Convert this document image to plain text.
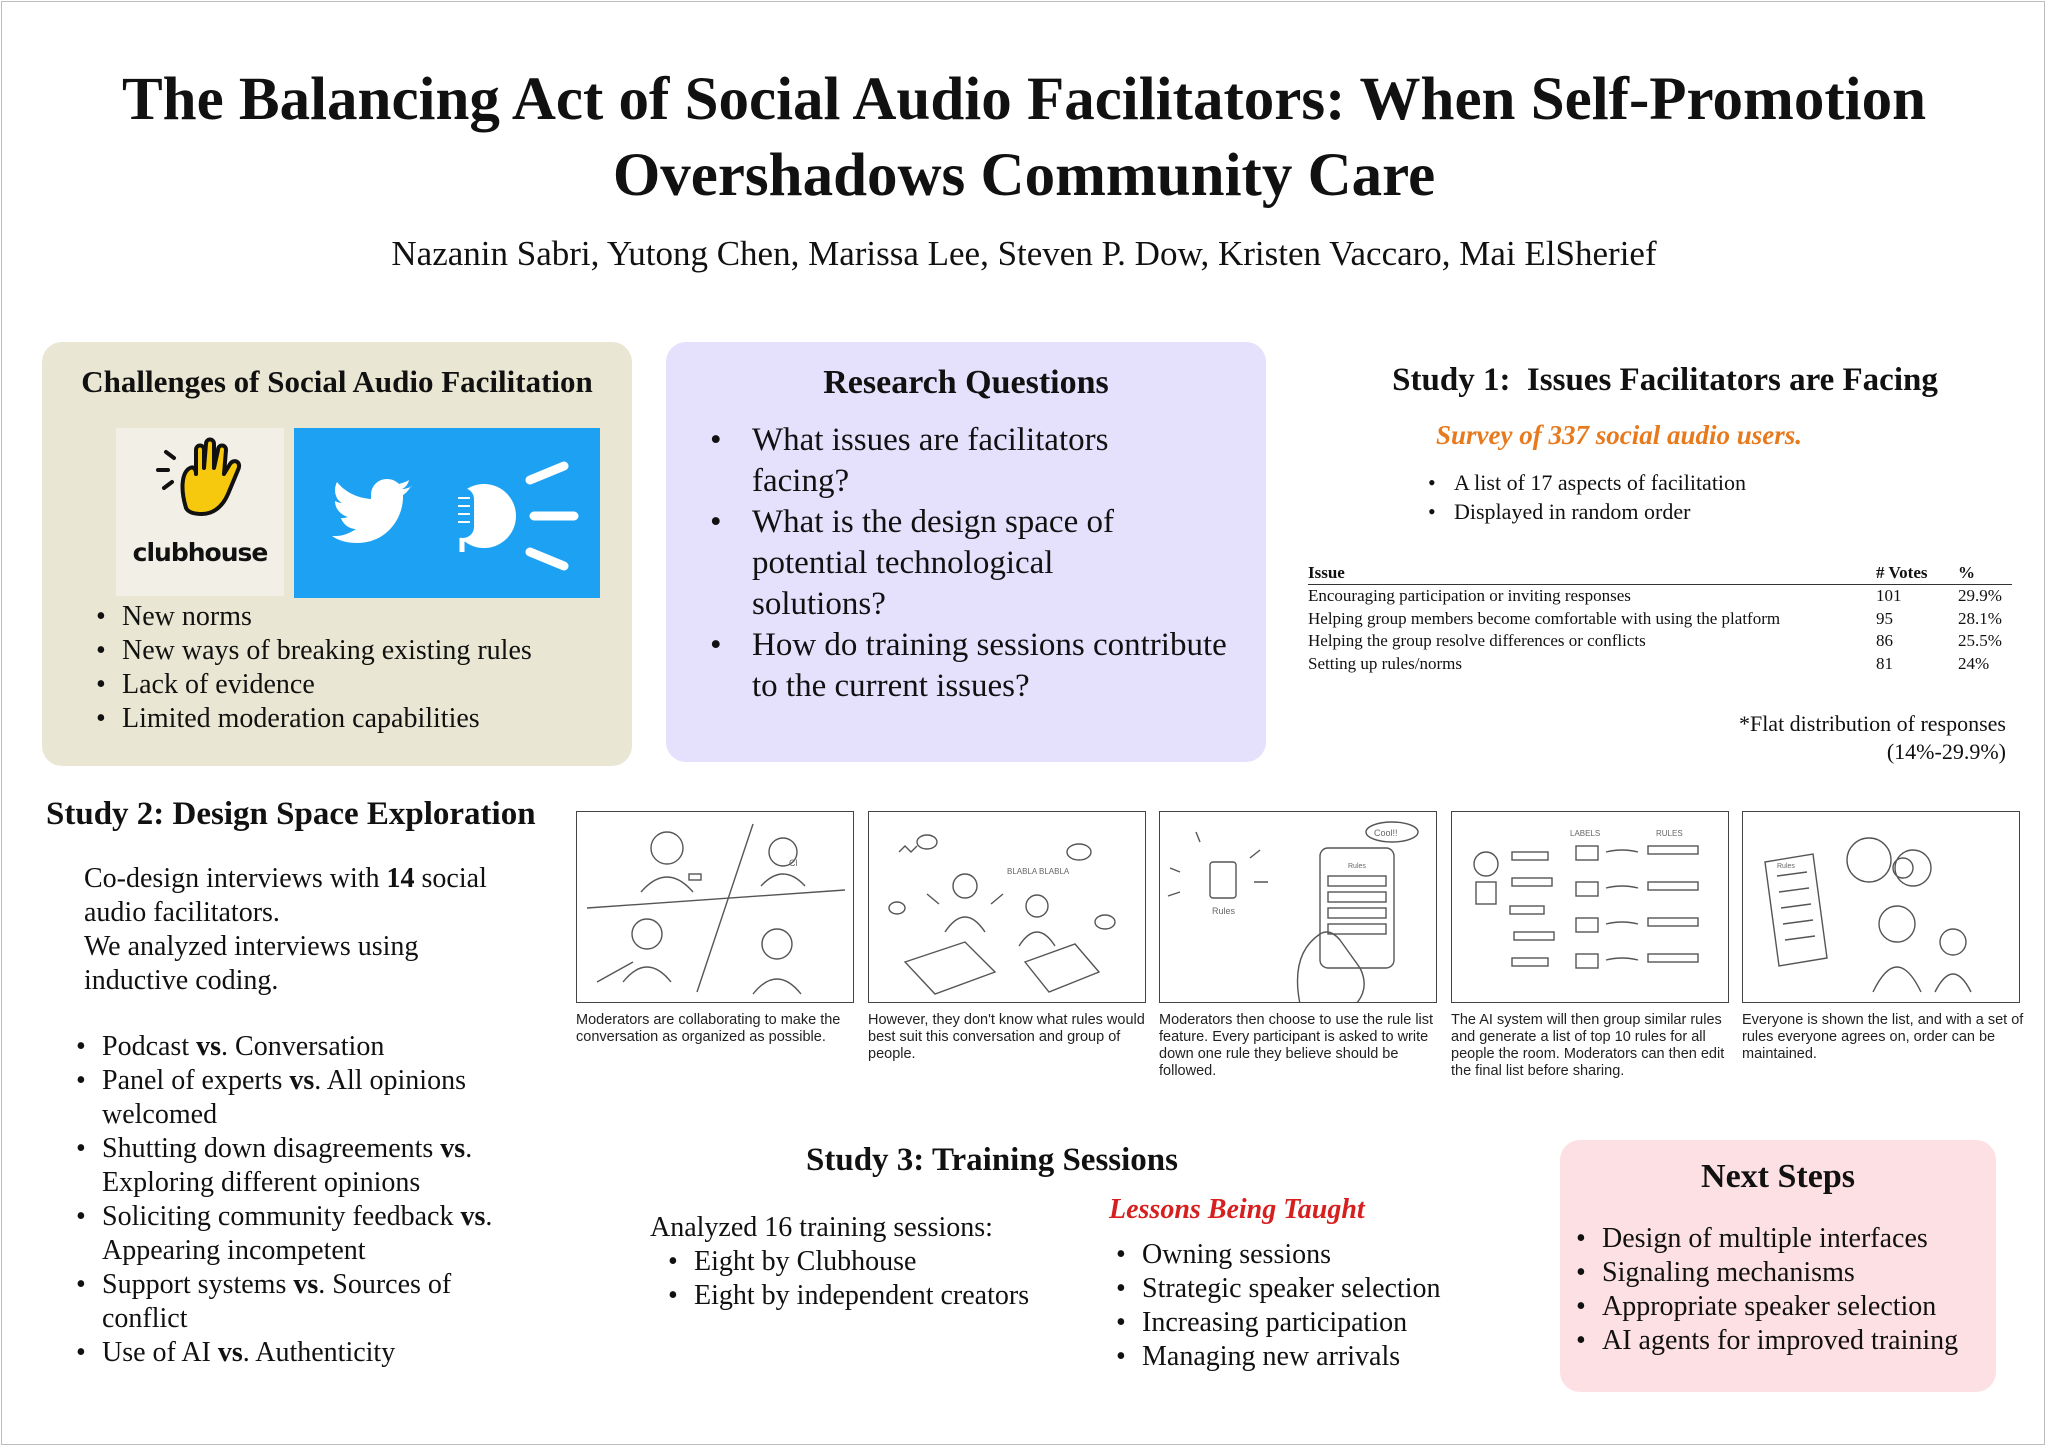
The Balancing Act of Social Audio Facilitators: When Self-Promotion Overshadows Community Care
Nazanin Sabri, Yutong Chen, Marissa Lee, Steven P. Dow, Kristen Vaccaro, Mai ElSherief
Challenges of Social Audio Facilitation
clubhouse
• New norms
• New ways of breaking existing rules
• Lack of evidence
• Limited moderation capabilities
Research Questions
• What issues are facilitators facing?
• What is the design space of potential technological solutions?
• How do training sessions contribute to the current issues?
Study 1:  Issues Facilitators are Facing
Survey of 337 social audio users.
• A list of 17 aspects of facilitation
• Displayed in random order
Issue	# Votes	%
Encouraging participation or inviting responses	101	29.9%
Helping group members become comfortable with using the platform	95	28.1%
Helping the group resolve differences or conflicts	86	25.5%
Setting up rules/norms	81	24%
*Flat distribution of responses
(14%-29.9%)
Study 2: Design Space Exploration
Co-design interviews with 14 social audio facilitators.
We analyzed interviews using inductive coding.
• Podcast vs. Conversation
• Panel of experts vs. All opinions welcomed
• Shutting down disagreements vs. Exploring different opinions
• Soliciting community feedback vs. Appearing incompetent
• Support systems vs. Sources of conflict
• Use of AI vs. Authenticity
Cl
BLABLA BLABLA
Rules
Cool!!
Rules
LABELS	RULES
Rules
Moderators are collaborating to make the conversation as organized as possible.
However, they don't know what rules would best suit this conversation and group of people.
Moderators then choose to use the rule list feature. Every participant is asked to write down one rule they believe should be followed.
The AI system will then group similar rules and generate a list of top 10 rules for all people the room. Moderators can then edit the final list before sharing.
Everyone is shown the list, and with a set of rules everyone agrees on, order can be maintained.
Study 3: Training Sessions
Analyzed 16 training sessions:
• Eight by Clubhouse
• Eight by independent creators
Lessons Being Taught
• Owning sessions
• Strategic speaker selection
• Increasing participation
• Managing new arrivals
Next Steps
• Design of multiple interfaces
• Signaling mechanisms
• Appropriate speaker selection
• AI agents for improved training
